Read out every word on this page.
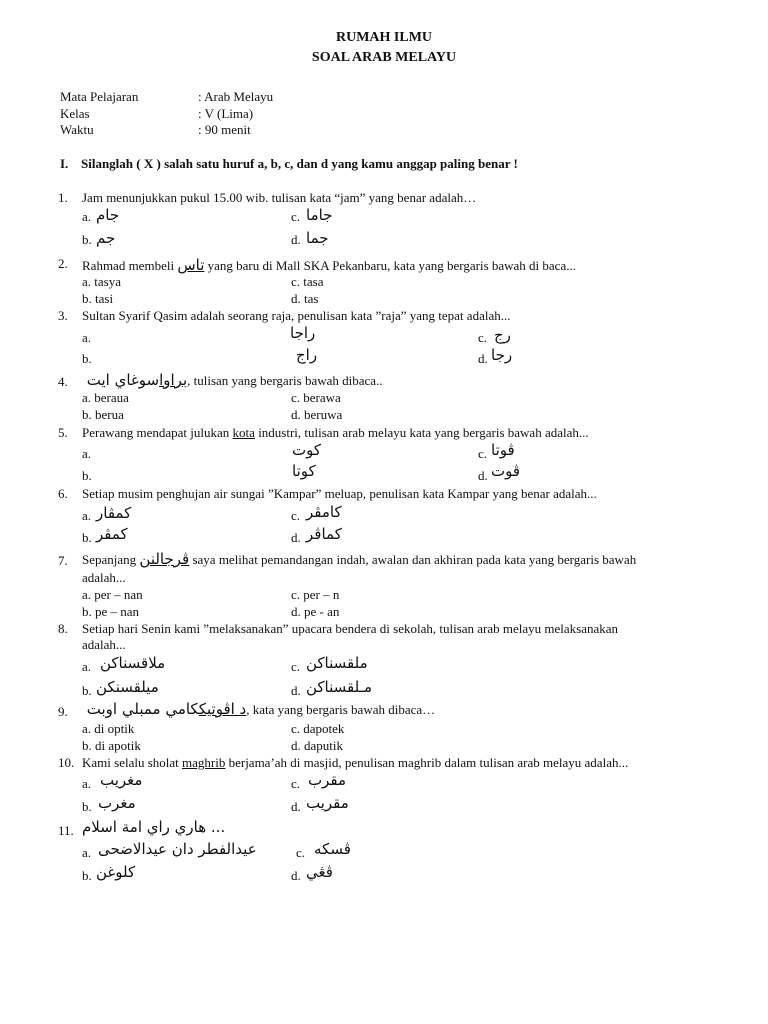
RUMAH ILMU
SOAL ARAB MELAYU
Mata Pelajaran	: Arab Melayu
Kelas	: V (Lima)
Waktu	: 90 menit
I. Silanglah ( X ) salah satu huruf a, b, c, dan d yang kamu anggap paling benar !
1. Jam menunjukkan pukul 15.00 wib. tulisan kata “jam” yang benar adalah…
a. جام	c. جاما
b. جم	d. جما
2. Rahmad membeli تاس yang baru di Mall SKA Pekanbaru, kata yang bergaris bawah di baca...
a. tasya	c. tasa
b. tasi	d. tas
3. Sultan Syarif Qasim adalah seorang raja, penulisan kata ”raja” yang tepat adalah...
a.	راجا	c. رج
b.	راج	d. رجا
4.	براواسوغاي ايت , tulisan yang bergaris bawah dibaca..
a. beraua	c. berawa
b. berua	d. beruwa
5. Perawang mendapat julukan kota industri, tulisan arab melayu kata yang bergaris bawah adalah...
a.	كوت	c. ڤوتا
b.	كوتا	d. ڤوت
6. Setiap musim penghujan air sungai ”Kampar” meluap, penulisan kata Kampar yang benar adalah...
a. كمڤار	c. كامڤر
b. كمڤر	d. كماڤر
7. Sepanjang ڤرجالنن saya melihat pemandangan indah, awalan dan akhiran pada kata yang bergaris bawah
adalah...
a. per – nan	c. per – n
b. pe – nan	d. pe - an
8. Setiap hari Senin kami ”melaksanakan” upacara bendera di sekolah, tulisan arab melayu melaksanakan
adalah...
a. ملاقسناكن	c. ملقسناكن
b. ميلقسنكن	d. مـلقسناكن
9.	د اڤوتيككامي ممبلي اوبت	, kata yang bergaris bawah dibaca…
a. di optik	c. dapotek
b. di apotik	d. daputik
10. Kami selalu sholat maghrib berjama’ah di masjid, penulisan maghrib dalam tulisan arab melayu adalah...
a. مغريب	c. مقرب
b. مغرب	d. مقريب
11. ... هاري راي امة اسلام
a. عيدالفطر دان عيدالاضحى	c. ڤسكه
b. كلوغن	d. ڤڠي
